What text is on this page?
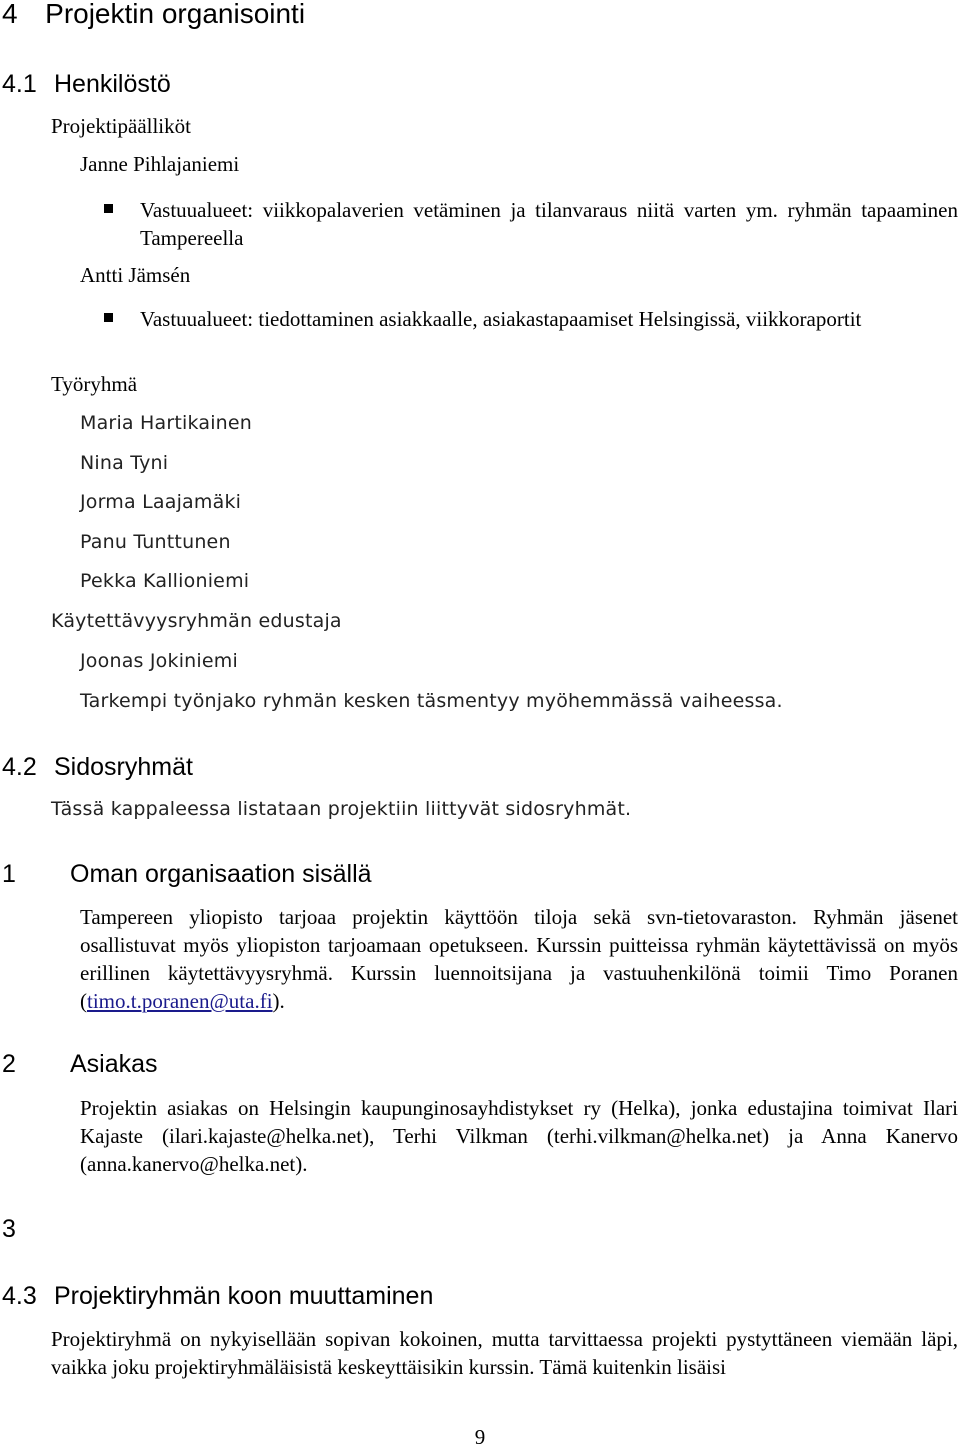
4 Projektin organisointi
4.1 Henkilöstö
Projektipäälliköt
Janne Pihlajaniemi
Vastuualueet: viikkopalaverien vetäminen ja tilanvaraus niitä varten ym. ryhmän tapaaminen Tampereella
Antti Jämsén
Vastuualueet: tiedottaminen asiakkaalle, asiakastapaamiset Helsingissä, viikkoraportit
Työryhmä
Maria Hartikainen
Nina Tyni
Jorma Laajamäki
Panu Tunttunen
Pekka Kallioniemi
Käytettävyysryhmän edustaja
Joonas Jokiniemi
Tarkempi työnjako ryhmän kesken täsmentyy myöhemmässä vaiheessa.
4.2 Sidosryhmät
Tässä kappaleessa listataan projektiin liittyvät sidosryhmät.
1 Oman organisaation sisällä
Tampereen yliopisto tarjoaa projektin käyttöön tiloja sekä svn-tietovaraston. Ryhmän jäsenet osallistuvat myös yliopiston tarjoamaan opetukseen. Kurssin puitteissa ryhmän käytettävissä on myös erillinen käytettävyysryhmä. Kurssin luennoitsijana ja vastuuhenkilönä toimii Timo Poranen (timo.t.poranen@uta.fi).
2 Asiakas
Projektin asiakas on Helsingin kaupunginosayhdistykset ry (Helka), jonka edustajina toimivat Ilari Kajaste (ilari.kajaste@helka.net), Terhi Vilkman (terhi.vilkman@helka.net) ja Anna Kanervo (anna.kanervo@helka.net).
3
4.3 Projektiryhmän koon muuttaminen
Projektiryhmä on nykyisellään sopivan kokoinen, mutta tarvittaessa projekti pystyttäneen viemään läpi, vaikka joku projektiryhmäläisistä keskeyttäisikin kurssin. Tämä kuitenkin lisäisi
9
